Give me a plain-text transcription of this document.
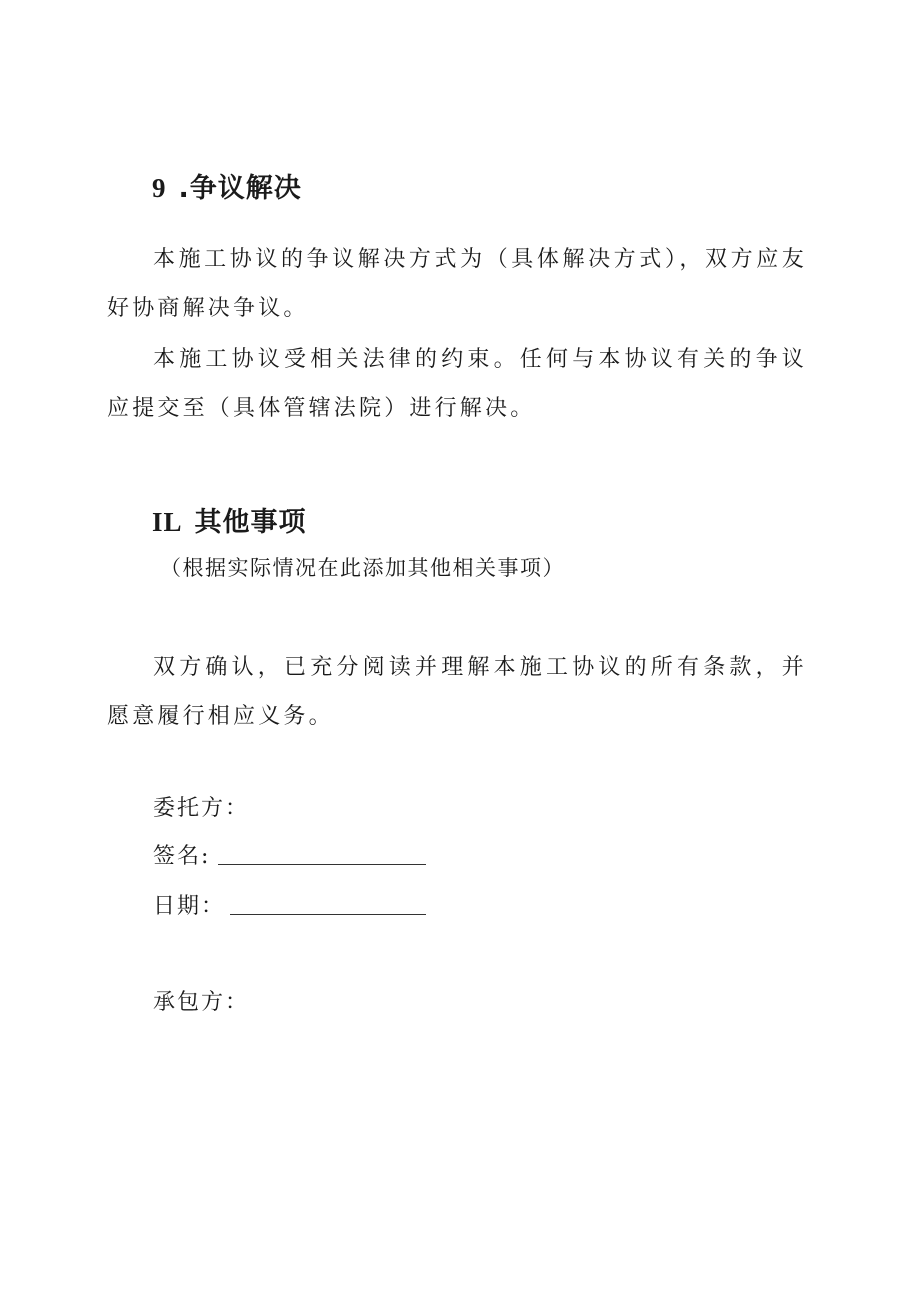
9 .争议解决

本施工协议的争议解决方式为（具体解决方式），双方应友好协商解决争议。

本施工协议受相关法律的约束。任何与本协议有关的争议应提交至（具体管辖法院）进行解决。

IL 其他事项

（根据实际情况在此添加其他相关事项）

双方确认，已充分阅读并理解本施工协议的所有条款，并愿意履行相应义务。

委托方：

签名:

日期：

承包方：
